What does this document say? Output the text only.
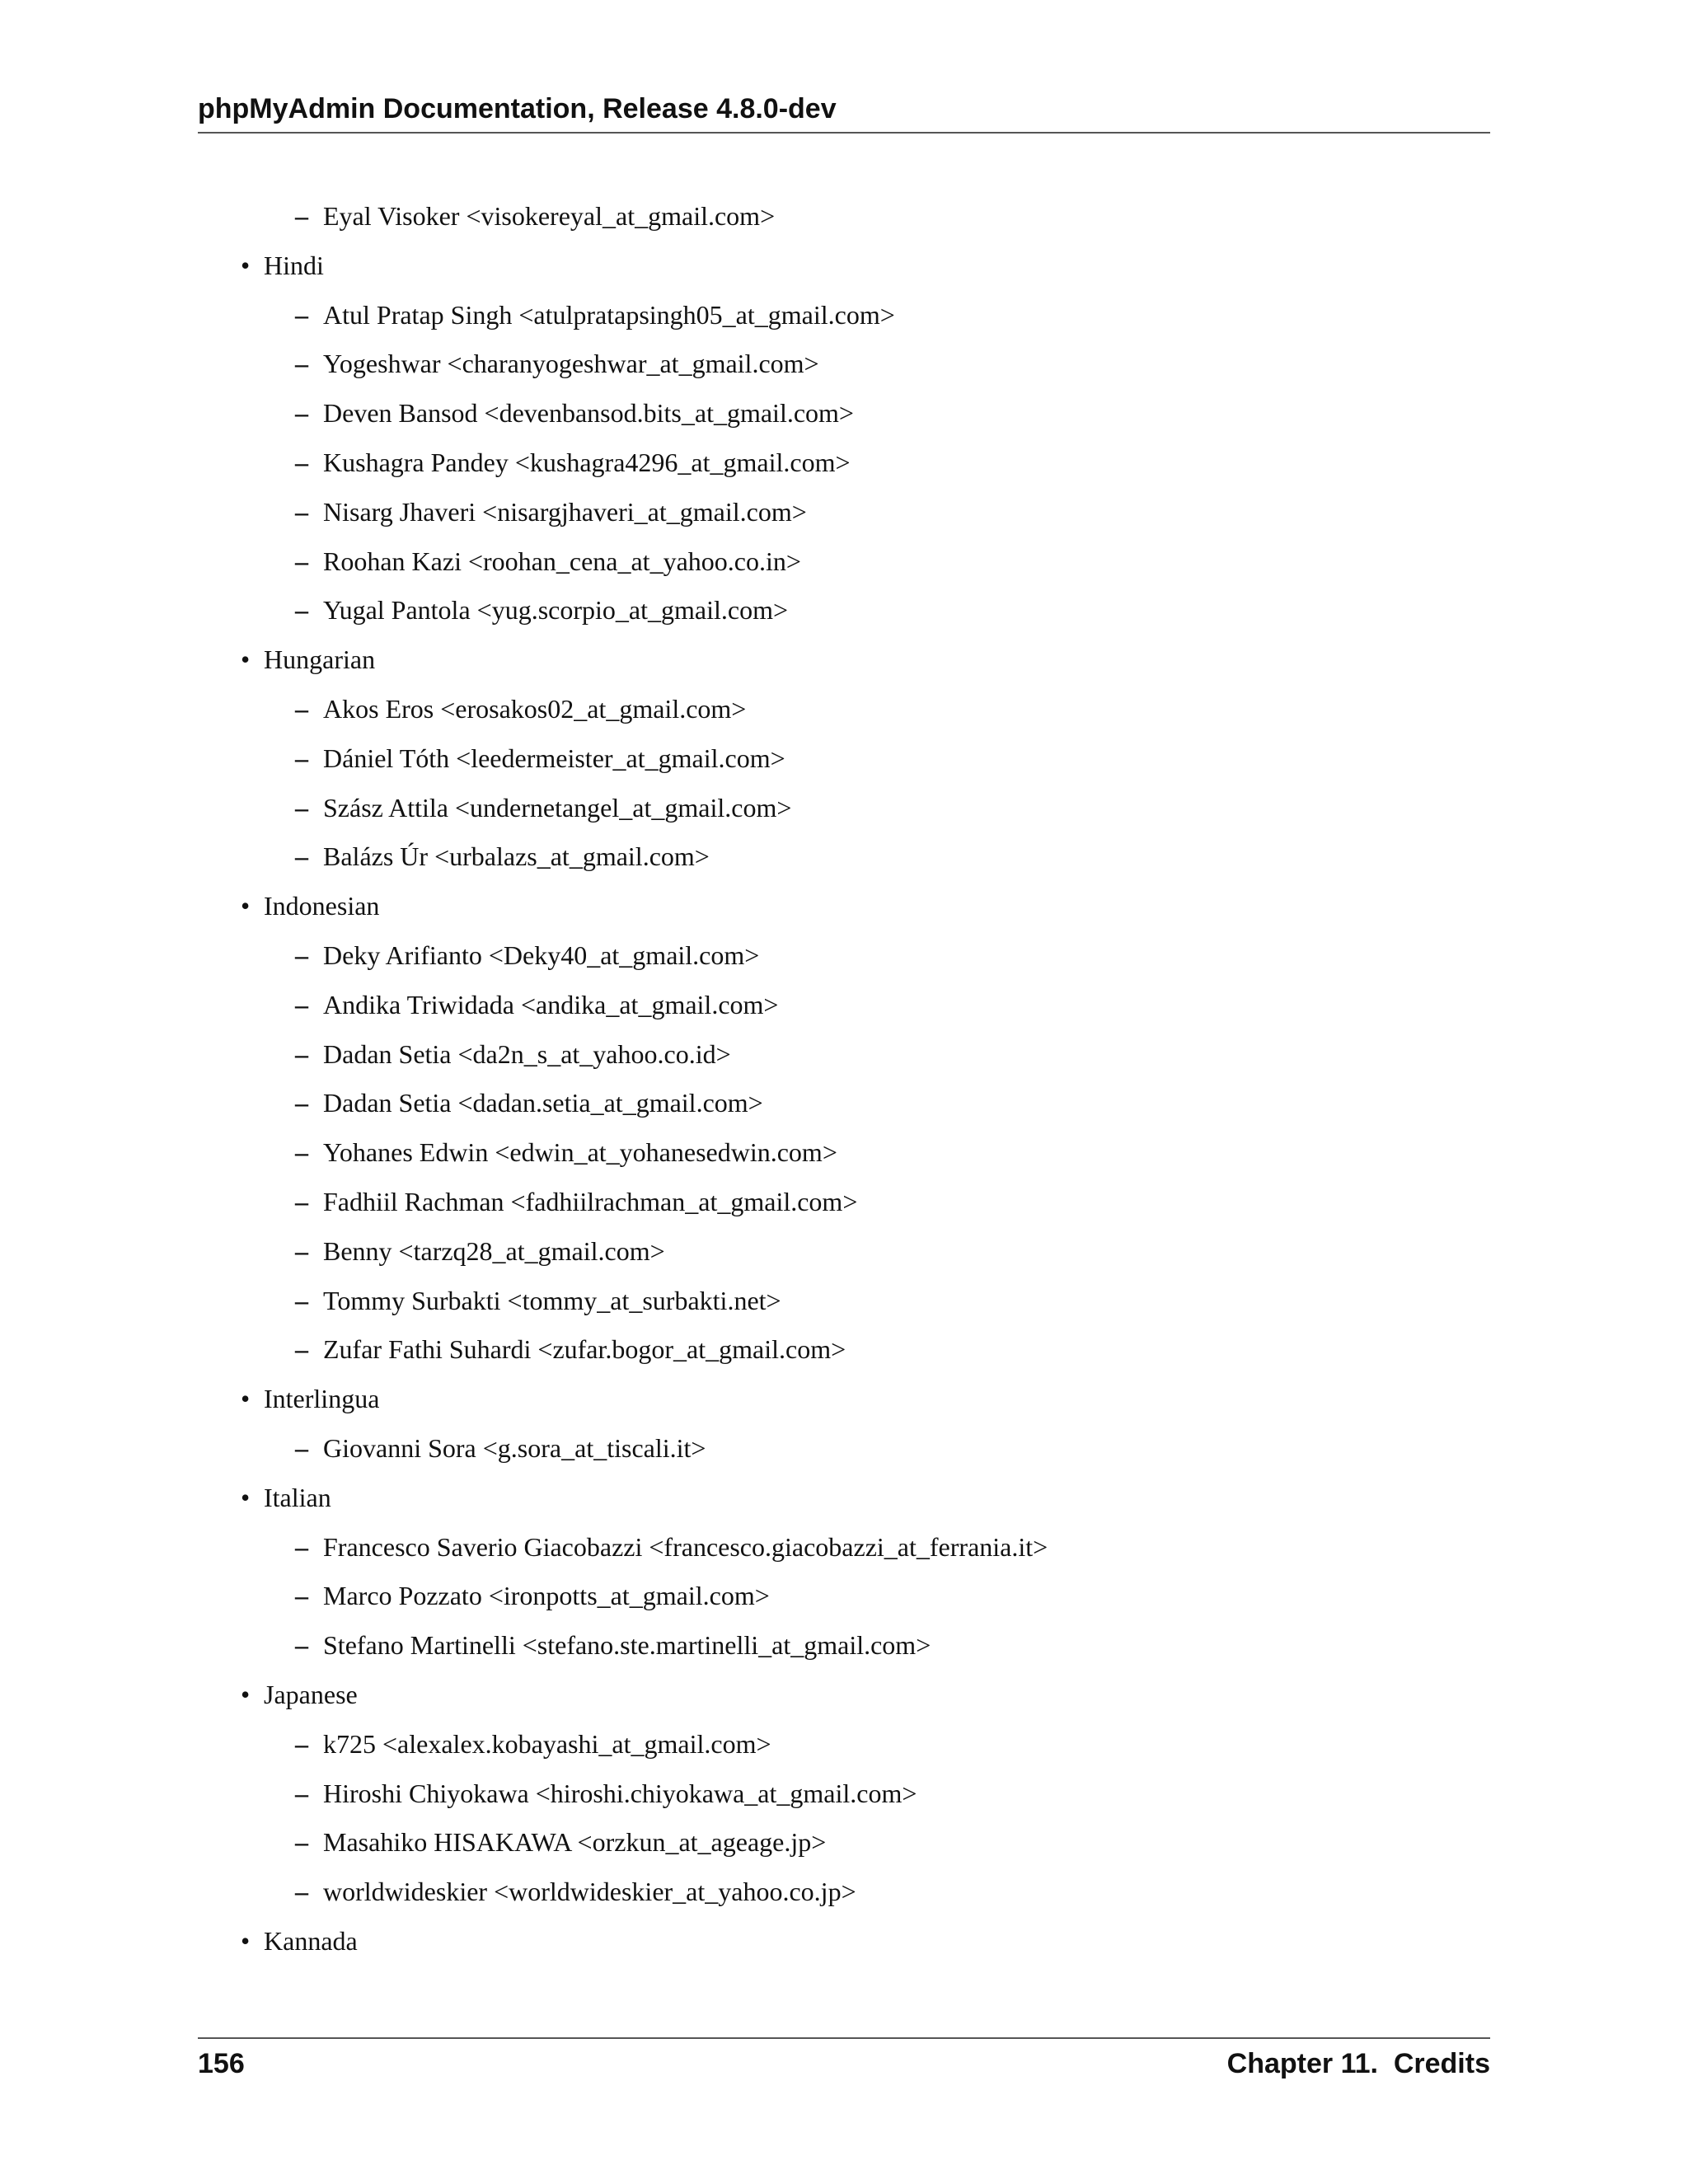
phpMyAdmin Documentation, Release 4.8.0-dev
– Eyal Visoker <visokereyal_at_gmail.com>
• Hindi
– Atul Pratap Singh <atulpratapsingh05_at_gmail.com>
– Yogeshwar <charanyogeshwar_at_gmail.com>
– Deven Bansod <devenbansod.bits_at_gmail.com>
– Kushagra Pandey <kushagra4296_at_gmail.com>
– Nisarg Jhaveri <nisargjhaveri_at_gmail.com>
– Roohan Kazi <roohan_cena_at_yahoo.co.in>
– Yugal Pantola <yug.scorpio_at_gmail.com>
• Hungarian
– Akos Eros <erosakos02_at_gmail.com>
– Dániel Tóth <leedermeister_at_gmail.com>
– Szász Attila <undernetangel_at_gmail.com>
– Balázs Úr <urbalazs_at_gmail.com>
• Indonesian
– Deky Arifianto <Deky40_at_gmail.com>
– Andika Triwidada <andika_at_gmail.com>
– Dadan Setia <da2n_s_at_yahoo.co.id>
– Dadan Setia <dadan.setia_at_gmail.com>
– Yohanes Edwin <edwin_at_yohanesedwin.com>
– Fadhiil Rachman <fadhiilrachman_at_gmail.com>
– Benny <tarzq28_at_gmail.com>
– Tommy Surbakti <tommy_at_surbakti.net>
– Zufar Fathi Suhardi <zufar.bogor_at_gmail.com>
• Interlingua
– Giovanni Sora <g.sora_at_tiscali.it>
• Italian
– Francesco Saverio Giacobazzi <francesco.giacobazzi_at_ferrania.it>
– Marco Pozzato <ironpotts_at_gmail.com>
– Stefano Martinelli <stefano.ste.martinelli_at_gmail.com>
• Japanese
– k725 <alexalex.kobayashi_at_gmail.com>
– Hiroshi Chiyokawa <hiroshi.chiyokawa_at_gmail.com>
– Masahiko HISAKAWA <orzkun_at_ageage.jp>
– worldwideskier <worldwideskier_at_yahoo.co.jp>
• Kannada
156	Chapter 11.  Credits
